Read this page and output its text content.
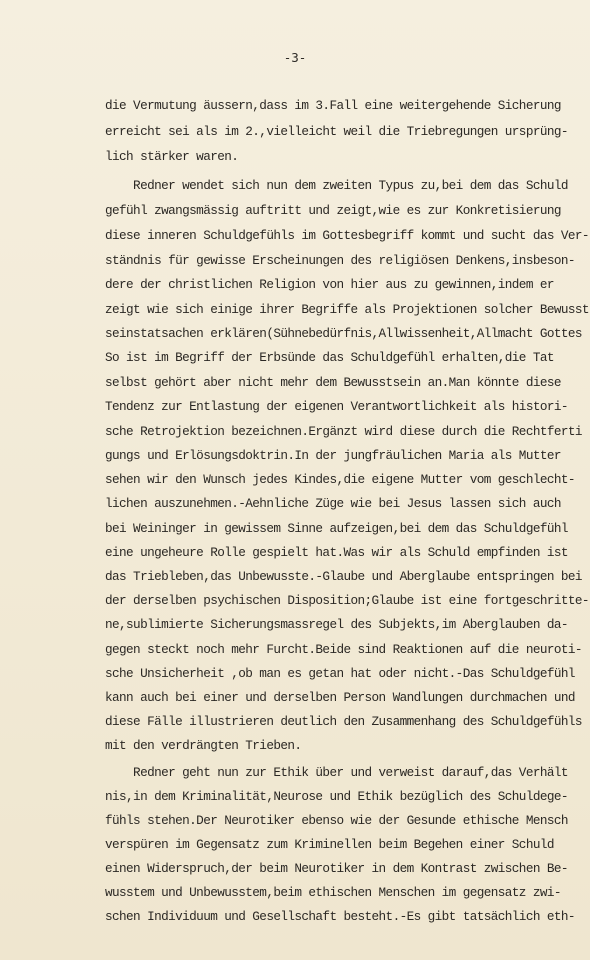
-3-
die Vermutung äussern,dass im 3.Fall eine weitergehende Sicherung
erreicht sei als im 2.,vielleicht weil die Triebregungen ursprüng-
lich stärker waren.
Redner wendet sich nun dem zweiten Typus zu,bei dem das Schuld
gefühl zwangsmässig auftritt und zeigt,wie es zur Konkretisierung
diese inneren Schuldgefühls im Gottesbegriff kommt und sucht das Ver-
ständnis für gewisse Erscheinungen des religiösen Denkens,insbeson-
dere der christlichen Religion von hier aus zu gewinnen,indem er
zeigt wie sich einige ihrer Begriffe als Projektionen solcher Bewusst
seinstatsachen erklären(Sühnebedürfnis,Allwissenheit,Allmacht Gottes
So ist im Begriff der Erbsünde das Schuldgefühl erhalten,die Tat
selbst gehört aber nicht mehr dem Bewusstsein an.Man könnte diese
Tendenz zur Entlastung der eigenen Verantwortlichkeit als histori-
sche Retrojektion bezeichnen.Ergänzt wird diese durch die Rechtferti
gungs und Erlösungsdoktrin.In der jungfräulichen Maria als Mutter
sehen wir den Wunsch jedes Kindes,die eigene Mutter vom geschlecht-
lichen auszunehmen.-Aehnliche Züge wie bei Jesus lassen sich auch
bei Weininger in gewissem Sinne aufzeigen,bei dem das Schuldgefühl
eine ungeheure Rolle gespielt hat.Was wir als Schuld empfinden ist
das Triebleben,das Unbewusste.-Glaube und Aberglaube entspringen bei
der derselben psychischen Disposition;Glaube ist eine fortgeschritte-
ne,sublimierte Sicherungsmassregel des Subjekts,im Aberglauben da-
gegen steckt noch mehr Furcht.Beide sind Reaktionen auf die neuroti-
sche Unsicherheit ,ob man es getan hat oder nicht.-Das Schuldgefühl
kann auch bei einer und derselben Person Wandlungen durchmachen und
diese Fälle illustrieren deutlich den Zusammenhang des Schuldgefühls
mit den verdrängten Trieben.
Redner geht nun zur Ethik über und verweist darauf,das Verhält
nis,in dem Kriminalität,Neurose und Ethik bezüglich des Schuldege-
fühls stehen.Der Neurotiker ebenso wie der Gesunde ethische Mensch
verspüren im Gegensatz zum Kriminellen beim Begehen einer Schuld
einen Widerspruch,der beim Neurotiker in dem Kontrast zwischen Be-
wusstem und Unbewusstem,beim ethischen Menschen im gegensatz zwi-
schen Individuum und Gesellschaft besteht.-Es gibt tatsächlich eth-
